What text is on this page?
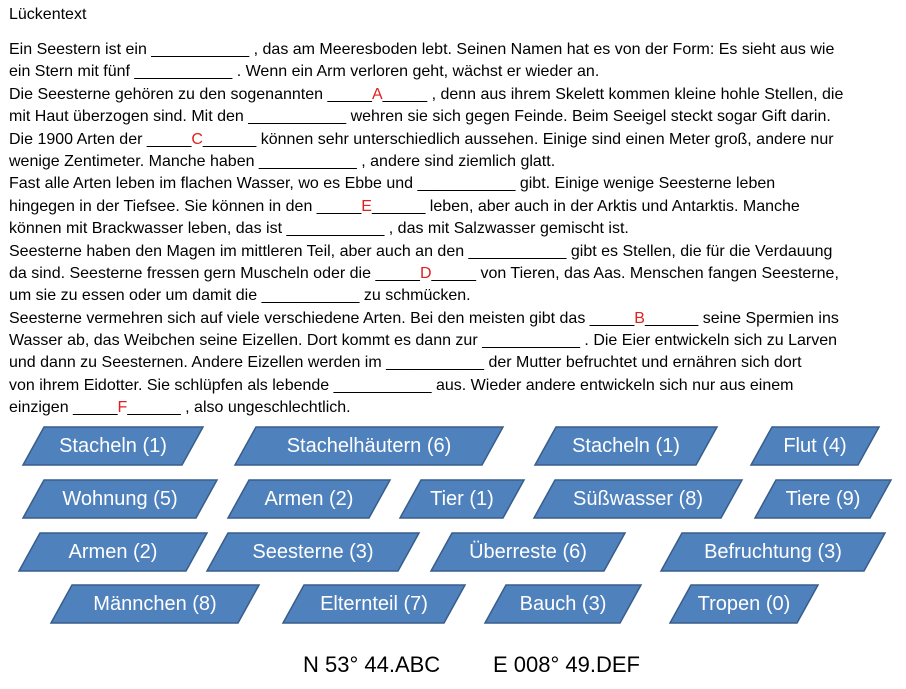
Lückentext
Ein Seestern ist ein ___________ , das am Meeresboden lebt. Seinen Namen hat es von der Form: Es sieht aus wie
ein Stern mit fünf ___________ . Wenn ein Arm verloren geht, wächst er wieder an.
Die Seesterne gehören zu den sogenannten _____A_____ , denn aus ihrem Skelett kommen kleine hohle Stellen, die
mit Haut überzogen sind. Mit den ___________ wehren sie sich gegen Feinde. Beim Seeigel steckt sogar Gift darin.
Die 1900 Arten der _____C______ können sehr unterschiedlich aussehen. Einige sind einen Meter groß, andere nur
wenige Zentimeter. Manche haben ___________ , andere sind ziemlich glatt.
Fast alle Arten leben im flachen Wasser, wo es Ebbe und ___________ gibt. Einige wenige Seesterne leben
hingegen in der Tiefsee. Sie können in den _____E______ leben, aber auch in der Arktis und Antarktis. Manche
können mit Brackwasser leben, das ist ___________ , das mit Salzwasser gemischt ist.
Seesterne haben den Magen im mittleren Teil, aber auch an den ___________ gibt es Stellen, die für die Verdauung
da sind. Seesterne fressen gern Muscheln oder die _____D_____ von Tieren, das Aas. Menschen fangen Seesterne,
um sie zu essen oder um damit die ___________ zu schmücken.
Seesterne vermehren sich auf viele verschiedene Arten. Bei den meisten gibt das _____B______ seine Spermien ins
Wasser ab, das Weibchen seine Eizellen. Dort kommt es dann zur ___________ . Die Eier entwickeln sich zu Larven
und dann zu Seesternen. Andere Eizellen werden im ___________ der Mutter befruchtet und ernähren sich dort
von ihrem Eidotter. Sie schlüpfen als lebende ___________ aus. Wieder andere entwickeln sich nur aus einem
einzigen _____F______ , also ungeschlechtlich.
Stacheln (1)	Stachelhäutern (6)	Stacheln (1)	Flut (4)
Wohnung (5)	Armen (2)	Tier (1)	Süßwasser (8)	Tiere (9)
Armen (2)	Seesterne (3)	Überreste (6)	Befruchtung (3)
Männchen (8)	Elternteil (7)	Bauch (3)	Tropen (0)
N 53° 44.ABC E 008° 49.DEF
